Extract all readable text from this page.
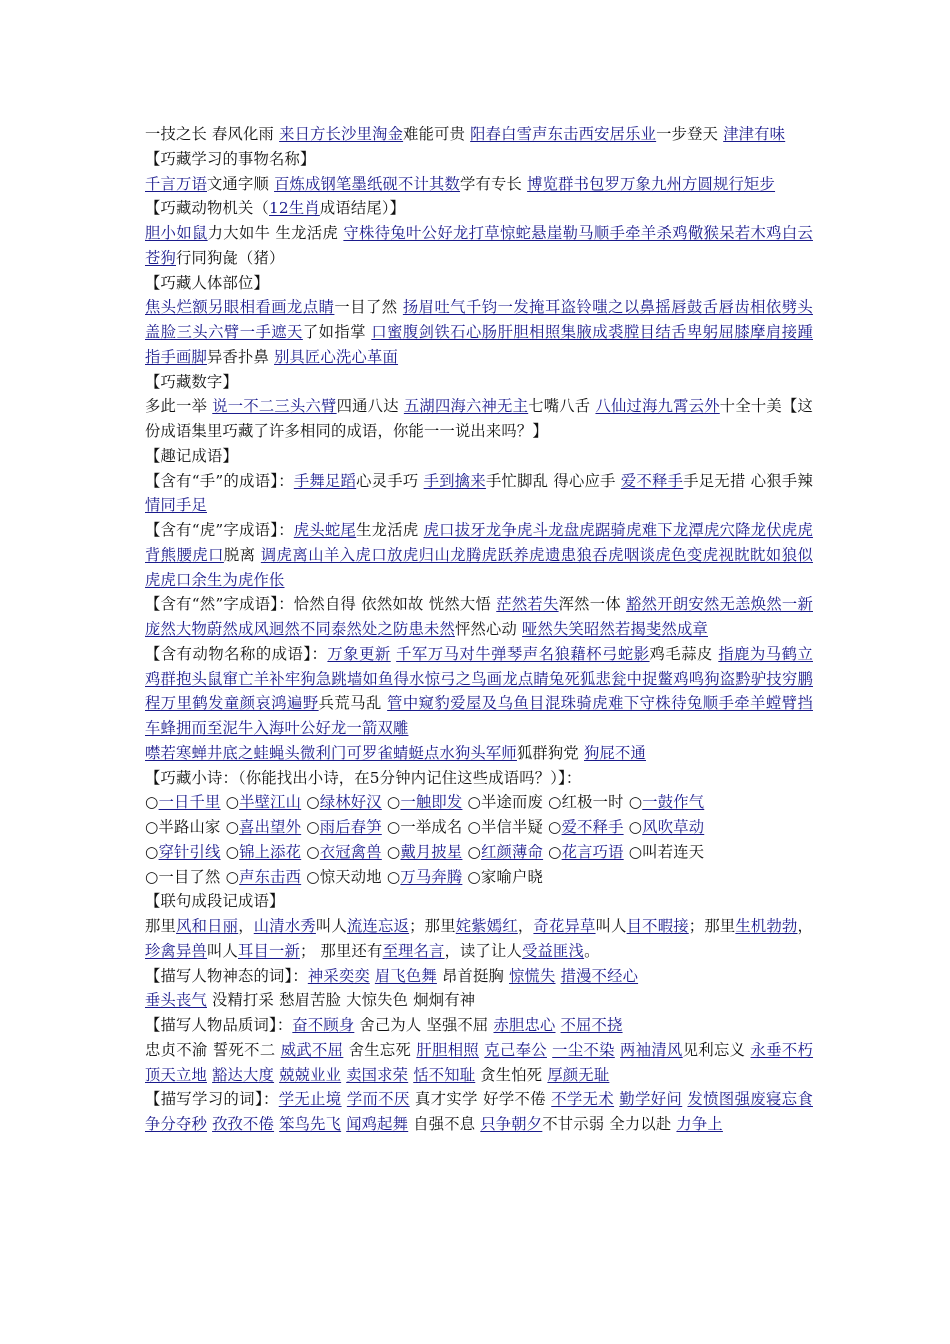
一技之长 春风化雨 来日方长沙里淘金难能可贵 阳春白雪声东击西安居乐业一步登天 津津有味

【巧藏学习的事物名称】

千言万语文通字顺 百炼成钢笔墨纸砚不计其数学有专长 博览群书包罗万象九州方圆规行矩步

【巧藏动物机关（12生肖成语结尾）】

胆小如鼠力大如牛 生龙活虎 守株待兔叶公好龙打草惊蛇悬崖勒马顺手牵羊杀鸡儆猴呆若木鸡白云苍狗行同狗彘（猪）

【巧藏人体部位】

焦头烂额另眼相看画龙点睛一目了然 扬眉吐气千钧一发掩耳盗铃嗤之以鼻摇唇鼓舌唇齿相依劈头盖脸三头六臂一手遮天了如指掌 口蜜腹剑铁石心肠肝胆相照集腋成裘膛目结舌卑躬屈膝摩肩接踵指手画脚异香扑鼻 别具匠心洗心革面

【巧藏数字】

多此一举 说一不二三头六臂四通八达 五湖四海六神无主七嘴八舌 八仙过海九霄云外十全十美【这份成语集里巧藏了许多相同的成语，你能一一说出来吗？】

【趣记成语】

【含有“手”的成语】：手舞足蹈心灵手巧 手到擒来手忙脚乱 得心应手 爱不释手手足无措 心狠手辣 情同手足

【含有“虎”字成语】：虎头蛇尾生龙活虎 虎口拔牙龙争虎斗龙盘虎踞骑虎难下龙潭虎穴降龙伏虎虎背熊腰虎口脱离 调虎离山羊入虎口放虎归山龙腾虎跃养虎遗患狼吞虎咽谈虎色变虎视眈眈如狼似虎虎口余生为虎作伥

【含有“然”字成语】：恰然自得 依然如故 恍然大悟 茫然若失浑然一体 豁然开朗安然无恙焕然一新庞然大物蔚然成风迥然不同泰然处之防患未然怦然心动 哑然失笑昭然若揭斐然成章

【含有动物名称的成语】：万象更新 千军万马对牛弹琴声名狼藉杯弓蛇影鸡毛蒜皮 指鹿为马鹤立鸡群抱头鼠窜亡羊补牢狗急跳墙如鱼得水惊弓之鸟画龙点睛兔死狐悲瓮中捉鳖鸡鸣狗盗黔驴技穷鹏程万里鹤发童颜哀鸿遍野兵荒马乱 管中窥豹爱屋及乌鱼目混珠骑虎难下守株待兔顺手牵羊螳臂挡车蜂拥而至泥牛入海叶公好龙一箭双雕

噤若寒蝉井底之蛙蝇头微利门可罗雀蜻蜓点水狗头军师狐群狗党 狗屁不通

【巧藏小诗：（你能找出小诗，在5分钟内记住这些成语吗？）】：

○一日千里 ○半壁江山 ○绿林好汉 ○一触即发 ○半途而废 ○红极一时 ○一鼓作气

○半路山家 ○喜出望外 ○雨后春笋 ○一举成名 ○半信半疑 ○爱不释手 ○风吹草动

○穿针引线 ○锦上添花 ○衣冠禽兽 ○戴月披星 ○红颜薄命 ○花言巧语 ○叫若连天

○一目了然 ○声东击西 ○惊天动地 ○万马奔腾 ○家喻户晓

【联句成段记成语】

那里风和日丽，山清水秀叫人流连忘返；那里姹紫嫣红，奇花异草叫人目不暇接；那里生机勃勃，珍禽异兽叫人耳目一新； 那里还有至理名言，读了让人受益匪浅。

【描写人物神态的词】：神采奕奕 眉飞色舞 昂首挺胸 惊慌失 措漫不经心

垂头丧气 没精打采 愁眉苦脸 大惊失色 炯炯有神

【描写人物品质词】：奋不顾身 舍己为人 坚强不屈 赤胆忠心 不屈不挠

忠贞不渝 誓死不二 威武不屈 舍生忘死 肝胆相照 克己奉公 一尘不染 两袖清风见利忘义 永垂不朽 顶天立地 豁达大度 兢兢业业 卖国求荣 恬不知耻 贪生怕死 厚颜无耻

【描写学习的词】：学无止境 学而不厌 真才实学 好学不倦 不学无术 勤学好问 发愤图强废寝忘食 争分夺秒 孜孜不倦 笨鸟先飞 闻鸡起舞 自强不息 只争朝夕不甘示弱 全力以赴 力争上
